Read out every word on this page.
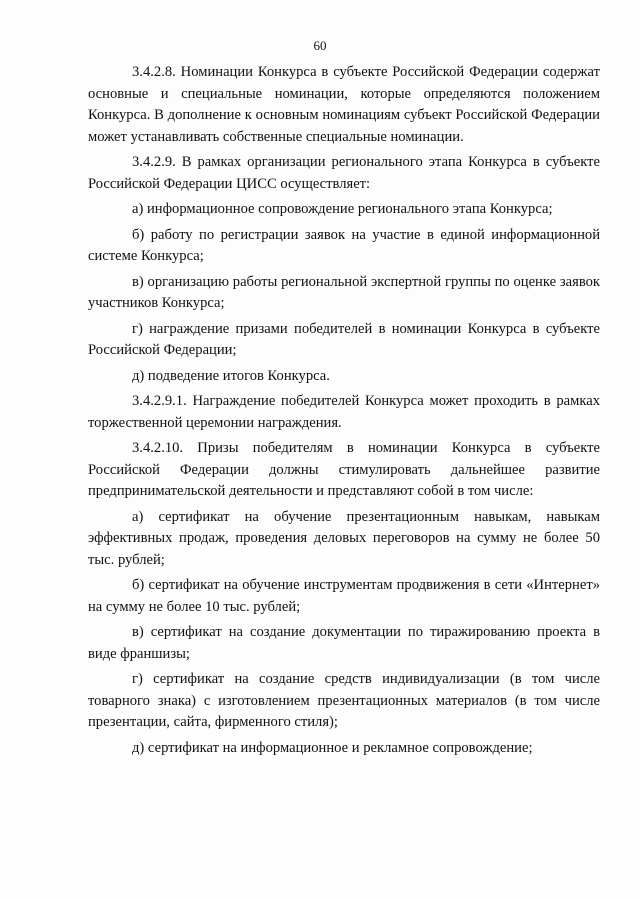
60

3.4.2.8. Номинации Конкурса в субъекте Российской Федерации содержат основные и специальные номинации, которые определяются положением Конкурса. В дополнение к основным номинациям субъект Российской Федерации может устанавливать собственные специальные номинации.

3.4.2.9. В рамках организации регионального этапа Конкурса в субъекте Российской Федерации ЦИСС осуществляет:

а) информационное сопровождение регионального этапа Конкурса;

б) работу по регистрации заявок на участие в единой информационной системе Конкурса;

в) организацию работы региональной экспертной группы по оценке заявок участников Конкурса;

г) награждение призами победителей в номинации Конкурса в субъекте Российской Федерации;

д) подведение итогов Конкурса.

3.4.2.9.1. Награждение победителей Конкурса может проходить в рамках торжественной церемонии награждения.

3.4.2.10. Призы победителям в номинации Конкурса в субъекте Российской Федерации должны стимулировать дальнейшее развитие предпринимательской деятельности и представляют собой в том числе:

а) сертификат на обучение презентационным навыкам, навыкам эффективных продаж, проведения деловых переговоров на сумму не более 50 тыс. рублей;

б) сертификат на обучение инструментам продвижения в сети «Интернет» на сумму не более 10 тыс. рублей;

в) сертификат на создание документации по тиражированию проекта в виде франшизы;

г) сертификат на создание средств индивидуализации (в том числе товарного знака) с изготовлением презентационных материалов (в том числе презентации, сайта, фирменного стиля);

д) сертификат на информационное и рекламное сопровождение;
